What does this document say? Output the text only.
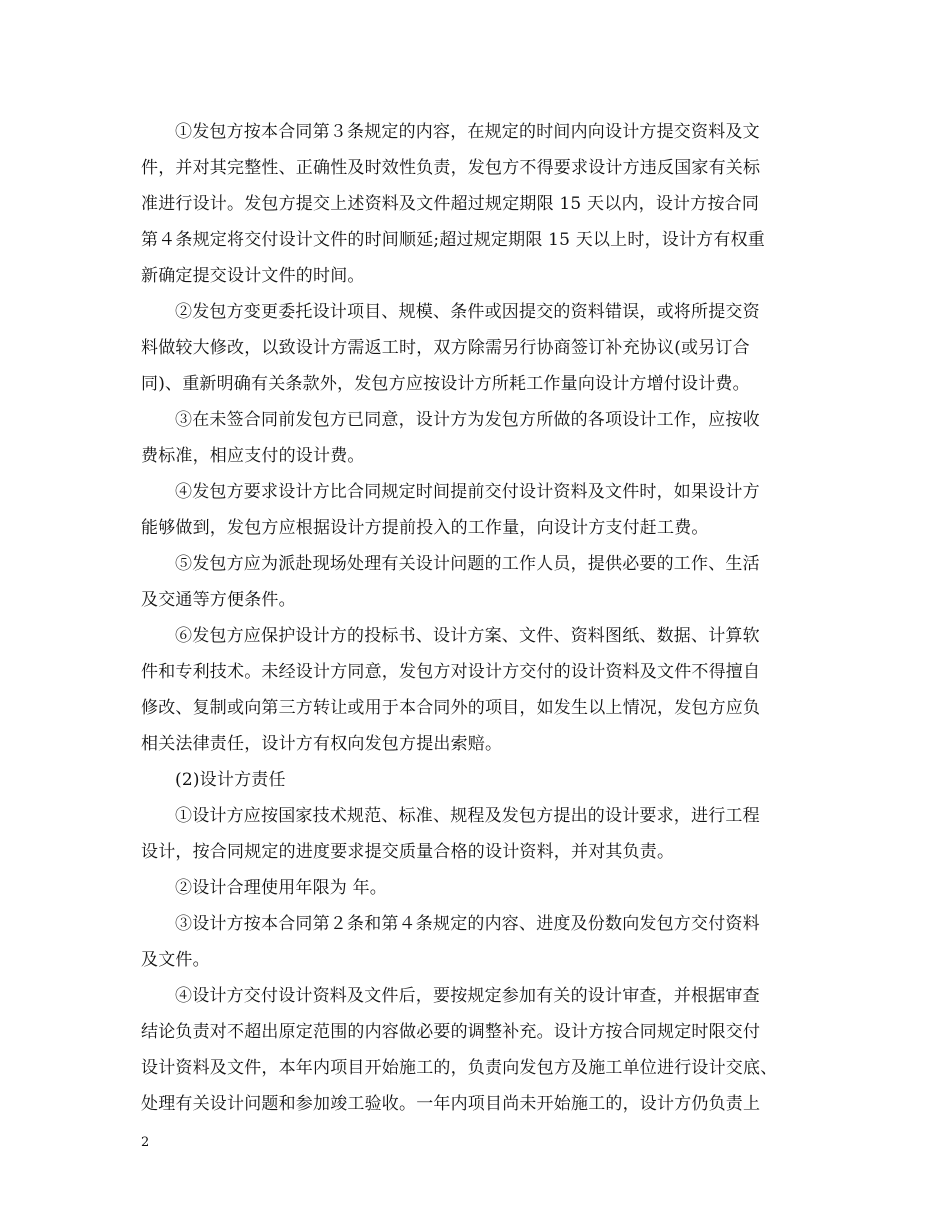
①发包方按本合同第３条规定的内容，在规定的时间内向设计方提交资料及文
件，并对其完整性、正确性及时效性负责，发包方不得要求设计方违反国家有关标
准进行设计。发包方提交上述资料及文件超过规定期限 15 天以内，设计方按合同
第４条规定将交付设计文件的时间顺延;超过规定期限 15 天以上时，设计方有权重
新确定提交设计文件的时间。
②发包方变更委托设计项目、规模、条件或因提交的资料错误，或将所提交资
料做较大修改，以致设计方需返工时，双方除需另行协商签订补充协议(或另订合
同)、重新明确有关条款外，发包方应按设计方所耗工作量向设计方增付设计费。
③在未签合同前发包方已同意，设计方为发包方所做的各项设计工作，应按收
费标准，相应支付的设计费。
④发包方要求设计方比合同规定时间提前交付设计资料及文件时，如果设计方
能够做到，发包方应根据设计方提前投入的工作量，向设计方支付赶工费。
⑤发包方应为派赴现场处理有关设计问题的工作人员，提供必要的工作、生活
及交通等方便条件。
⑥发包方应保护设计方的投标书、设计方案、文件、资料图纸、数据、计算软
件和专利技术。未经设计方同意，发包方对设计方交付的设计资料及文件不得擅自
修改、复制或向第三方转让或用于本合同外的项目，如发生以上情况，发包方应负
相关法律责任，设计方有权向发包方提出索赔。
(2)设计方责任
①设计方应按国家技术规范、标准、规程及发包方提出的设计要求，进行工程
设计，按合同规定的进度要求提交质量合格的设计资料，并对其负责。
②设计合理使用年限为 年。
③设计方按本合同第２条和第４条规定的内容、进度及份数向发包方交付资料
及文件。
④设计方交付设计资料及文件后，要按规定参加有关的设计审查，并根据审查
结论负责对不超出原定范围的内容做必要的调整补充。设计方按合同规定时限交付
设计资料及文件，本年内项目开始施工的，负责向发包方及施工单位进行设计交底、
处理有关设计问题和参加竣工验收。一年内项目尚未开始施工的，设计方仍负责上
2
